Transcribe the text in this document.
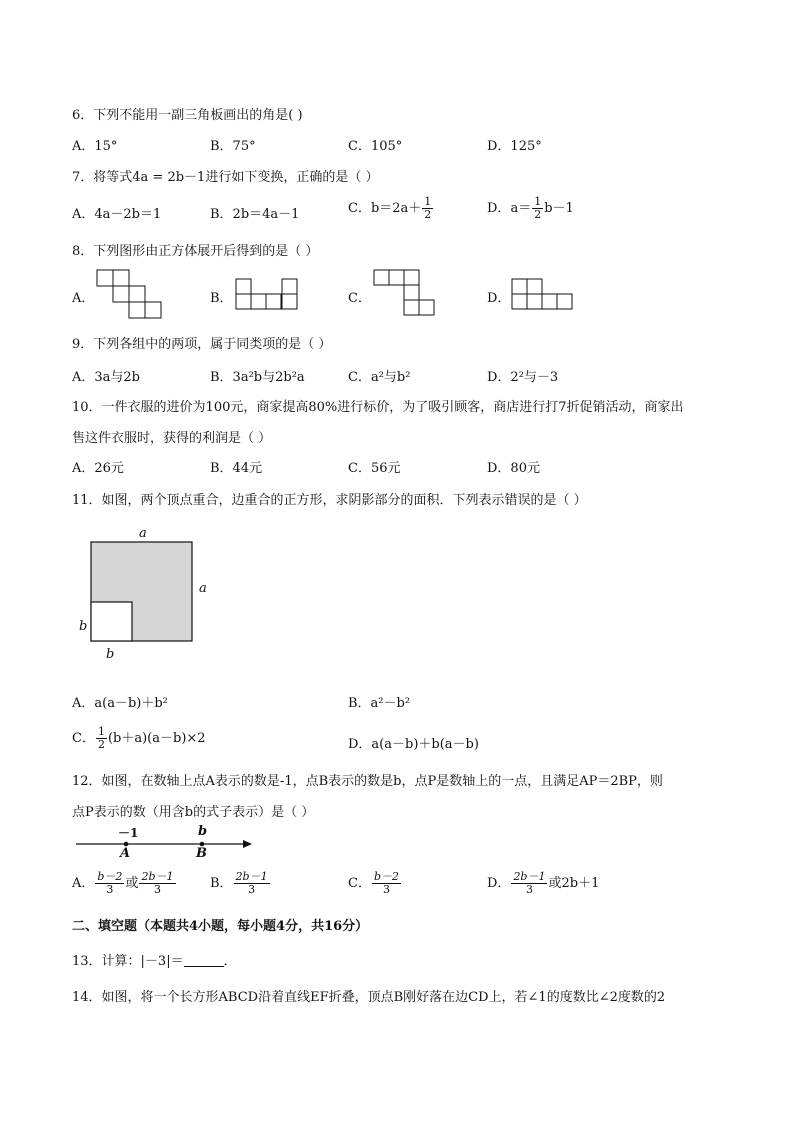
6．下列不能用一副三角板画出的角是( )
A．15°	B．75°	C．105°	D．125°
7．将等式4a = 2b－1进行如下变换，正确的是（ ）
A．4a－2b＝1	B．2b＝4a－1	C．$b=2a+ \frac{1}{2}$	D．$a= \frac{1}{2} b-1$
8．下列图形由正方体展开后得到的是（ ）
A．	B．	C．	D．
9．下列各组中的两项，属于同类项的是（ ）
A．3a与2b	B．3a²b与2b²a	C．a²与b²	D．2²与－3
10．一件衣服的进价为100元，商家提高80%进行标价，为了吸引顾客，商店进行打7折促销活动，商家出
售这件衣服时，获得的利润是（ ）
A．26元	B．44元	C．56元	D．80元
11．如图，两个顶点重合，边重合的正方形，求阴影部分的面积．下列表示错误的是（ ）
a
a
b
b
A．a(a－b)＋b²	B．a²－b²
C． $\frac{1}{2} (b+a)(a-b)\times 2$	D．a(a－b)＋b(a－b)
12．如图，在数轴上点A表示的数是-1，点B表示的数是b，点P是数轴上的一点，且满足AP＝2BP，则
点P表示的数（用含b的式子表示）是（ ）
－1
A
b
B
A． $\frac{b-2}{3}$ 或 $\frac{2b-1}{3}$	B． $\frac{2b-1}{3}$	C． $\frac{b-2}{3}$	D． $\frac{2b-1}{3}$ 或2b＋1
二、填空题（本题共4小题，每小题4分，共16分）
13．计算：|－3|＝	．
14．如图，将一个长方形ABCD沿着直线EF折叠，顶点B刚好落在边CD上，若∠1的度数比∠2度数的2
